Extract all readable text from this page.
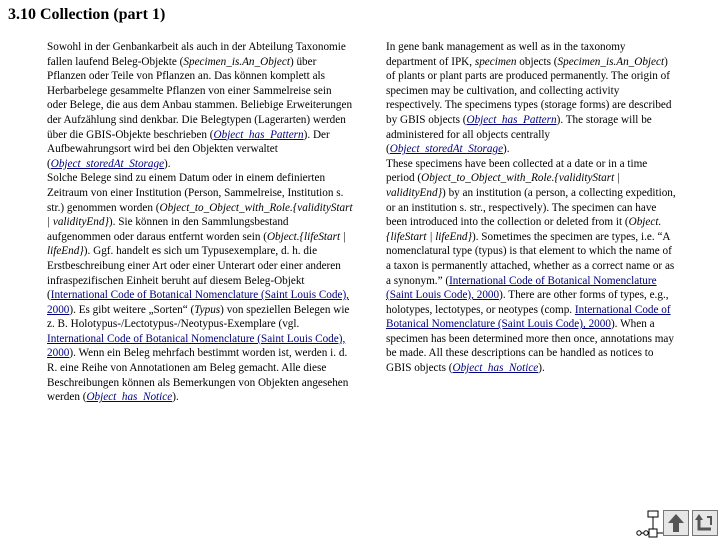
3.10 Collection (part 1)

Sowohl in der Genbankarbeit als auch in der Abteilung Taxonomie fallen laufend Beleg-Objekte (Specimen_is.An_Object) über Pflanzen oder Teile von Pflanzen an. Das können komplett als Herbarbelege gesammelte Pflanzen von einer Sammelreise sein oder Belege, die aus dem Anbau stammen. Beliebige Erweiterungen der Aufzählung sind denkbar. Die Belegtypen (Lagerarten) werden über die GBIS-Objekte beschrieben (Object_has_Pattern). Der Aufbewahrungsort wird bei den Objekten verwaltet (Object_storedAt_Storage).

Solche Belege sind zu einem Datum oder in einem definierten Zeitraum von einer Institution (Person, Sammelreise, Institution s. str.) genommen worden (Object_to_Object_with_Role.{validityStart | validityEnd}). Sie können in den Sammlungsbestand aufgenommen oder daraus entfernt worden sein (Object.{lifeStart | lifeEnd}). Ggf. handelt es sich um Typusexemplare, d. h. die Erstbeschreibung einer Art oder einer Unterart oder einer anderen infraspezifischen Einheit beruht auf diesem Beleg-Objekt (International Code of Botanical Nomenclature (Saint Louis Code), 2000). Es gibt weitere „Sorten“ (Typus) von speziellen Belegen wie z. B. Holotypus-/Lectotypus-/Neotypus-Exemplare (vgl. International Code of Botanical Nomenclature (Saint Louis Code), 2000). Wenn ein Beleg mehrfach bestimmt worden ist, werden i. d. R. eine Reihe von Annotationen am Beleg gemacht. Alle diese Beschreibungen können als Bemerkungen von Objekten angesehen werden (Object_has_Notice).

In gene bank management as well as in the taxonomy department of IPK, specimen objects (Specimen_is.An_Object) of plants or plant parts are produced permanently. The origin of specimen may be cultivation, and collecting activity respectively. The specimens types (storage forms) are described by GBIS objects (Object_has_Pattern). The storage will be administered for all objects centrally (Object_storedAt_Storage).

These specimens have been collected at a date or in a time period (Object_to_Object_with_Role.{validityStart | validityEnd}) by an institution (a person, a collecting expedition, or an institution s. str., respectively). The specimen can have been introduced into the collection or deleted from it (Object.{lifeStart | lifeEnd}). Sometimes the specimen are types, i.e. “A nomenclatural type (typus) is that element to which the name of a taxon is permanently attached, whether as a correct name or as a synonym.” (International Code of Botanical Nomenclature (Saint Louis Code), 2000). There are other forms of types, e.g., holotypes, lectotypes, or neotypes (comp. International Code of Botanical Nomenclature (Saint Louis Code), 2000). When a specimen has been determined more then once, annotations may be made. All these descriptions can be handled as notices to GBIS objects (Object_has_Notice).
